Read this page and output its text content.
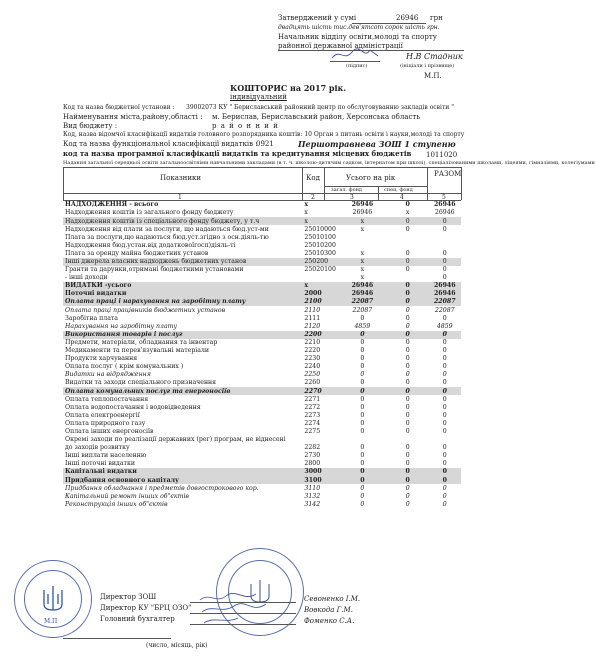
Затверджений у сумі	26946 грн
двадцять шість тис.дев'ятсот сорок шість грн.
Начальник відділу освіти,молоді та спорту
районної державної адміністрації
Н.В Стадник
(підпис)	(ініціали і прізвище)
М.П.
КОШТОРИС на 2017 рік.
індивідуальний
Код та назва бюджетної установи : 39002073 КУ " Бериславський районний центр по обслуговуванню закладів освіти "
Найменування міста,району,області : м. Берислав, Бериславський район, Херсонська область
Вид бюджету :	р а й о н н и й
Код, назва відомчої класифікації видатків головного розпорядника коштів: 10 Орган з питань освіти і науки,молоді та спорту
Код та назва функціональної класифікації видатків :
0921	Першотравнева ЗОШ 1 ступеню
код та назва програмної класифікації видатків та кредитування місцевих бюджетів 1011020
Надання загальної середньої освіти загальноосвітніми навчальними закладами (в т. ч. школою-дитячим садком, інтернатом при школі), спеціалізованими школами, ліцеями, гімназіями, колегіумами
Показники	Код	Усього на рік
загал. фонд	спец. фонд
РАЗОМ
1	2	3	4	5
НАДХОДЖЕННЯ - всього	х	26946	0	26946
Надходження коштів із загального фонду бюджету	х	26946	х	26946
Надходження коштів із спеціального фонду бюджету, у т.ч	х	х	0	0
Надходження від плати за послуги, що надаються бюд.уст-ми	25010000	х	0	0
Плата за послуги,що надаються бюд.уст.згідно з осн.діяль-тю	25010100			
Надходження бюд.устан.від додатковоїгосп)діяль-ті	25010200			
Плата за оренду майна бюджетних установ	25010300	х	0	0
Інші джерела власних надходжень бюджетних установ	250200	х	0	0
Гранти та дарунки,отримані бюджетними установами	25020100	х	0	0
- інші доходи		х		0
ВИДАТКИ -усього	х	26946	0	26946
Поточні видатки	2000	26946	0	26946
Оплата праці і нарахування на заробітну плату	2100	22087	0	22087
Оплата праці працівників бюджетних установ	2110	22087	0	22087
Заробітна плата	2111	0	0	0
Нарахування на заробітну плату	2120	4859	0	4859
Використання товарів і послуг	2200	0	0	0
Предмети, матеріали, обладнання та інвентар	2210	0	0	0
Медикаменти та перев'язувальні матеріали	2220	0	0	0
Продукти харчування	2230	0	0	0
Оплата послуг ( крім комунальних )	2240	0	0	0
Видатки на відрядження	2250	0	0	0
Видатки та заходи спеціального призначення	2260	0	0	0
Оплата комунальних послуг та енергоносіїв	2270	0	0	0
Оплата теплопостачання	2271	0	0	0
Оплата водопостачання і водовідведення	2272	0	0	0
Оплата електроенергії	2273	0	0	0
Оплата природного газу	2274	0	0	0
Оплата інших енергоносіїв	2275	0	0	0
Окремі заходи по реалізації державних (рег) програм, не віднесені				
до заходів розвитку	2282	0	0	0
Інші виплати населенню	2730	0	0	0
Інші поточні видатки	2800	0	0	0
Капітальні видатки	3000	0	0	0
Придбання основного капіталу	3100	0	0	0
Придбання обладнання і предметів довгострокового кор.	3110	0	0	0
Капітальний ремонт інших об"єктів	3132	0	0	0
Реконструкція інших об"єктів	3142	0	0	0
М.П
Директор ЗОШ
Директор КУ "БРЦ ОЗО"
Головний бухгалтер
Севоненко І.М.
Вовкода Г.М.
Фоменко С.А.
(число, місяць, рік)
